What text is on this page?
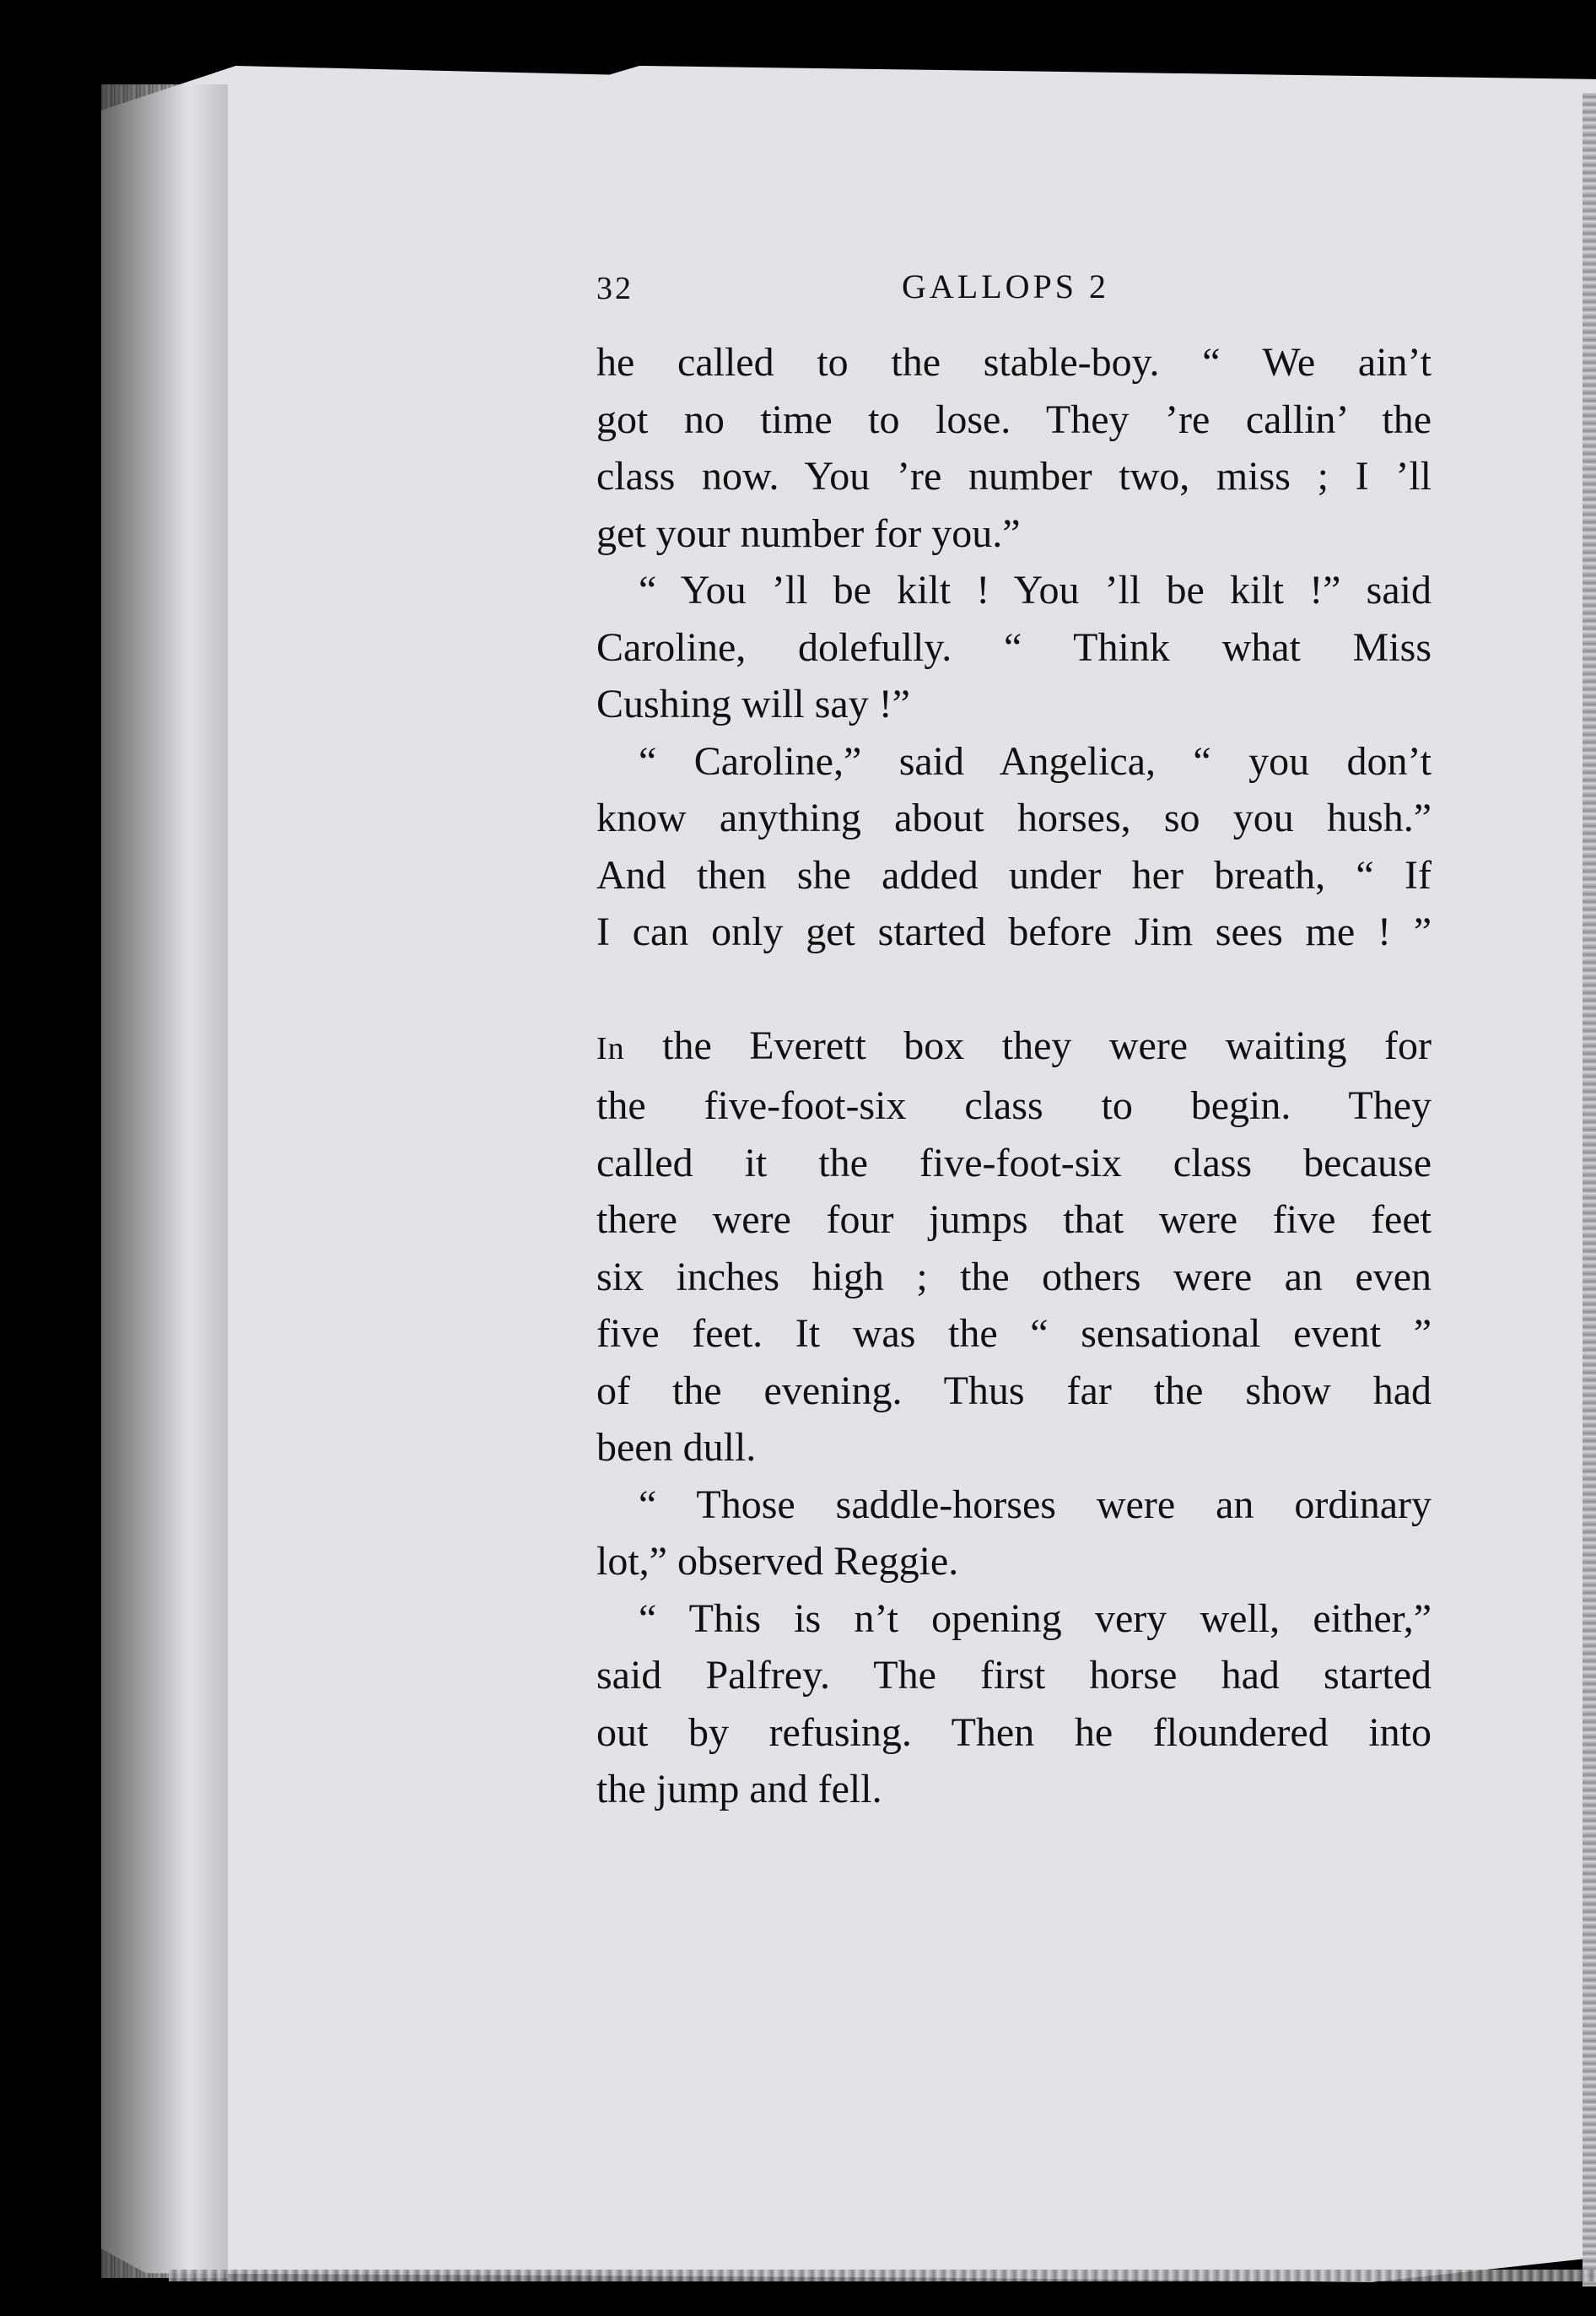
32	GALLOPS 2

he called to the stable-boy. “ We ain’t
got no time to lose. They ’re callin’ the
class now. You ’re number two, miss ; I ’ll
get your number for you.”

“ You ’ll be kilt ! You ’ll be kilt !” said
Caroline, dolefully. “ Think what Miss
Cushing will say !”

“ Caroline,” said Angelica, “ you don’t
know anything about horses, so you hush.”
And then she added under her breath, “ If
I can only get started before Jim sees me ! ”

In the Everett box they were waiting for
the five-foot-six class to begin. They
called it the five-foot-six class because
there were four jumps that were five feet
six inches high ; the others were an even
five feet. It was the “ sensational event ”
of the evening. Thus far the show had
been dull.

“ Those saddle-horses were an ordinary
lot,” observed Reggie.

“ This is n’t opening very well, either,”
said Palfrey. The first horse had started
out by refusing. Then he floundered into
the jump and fell.
